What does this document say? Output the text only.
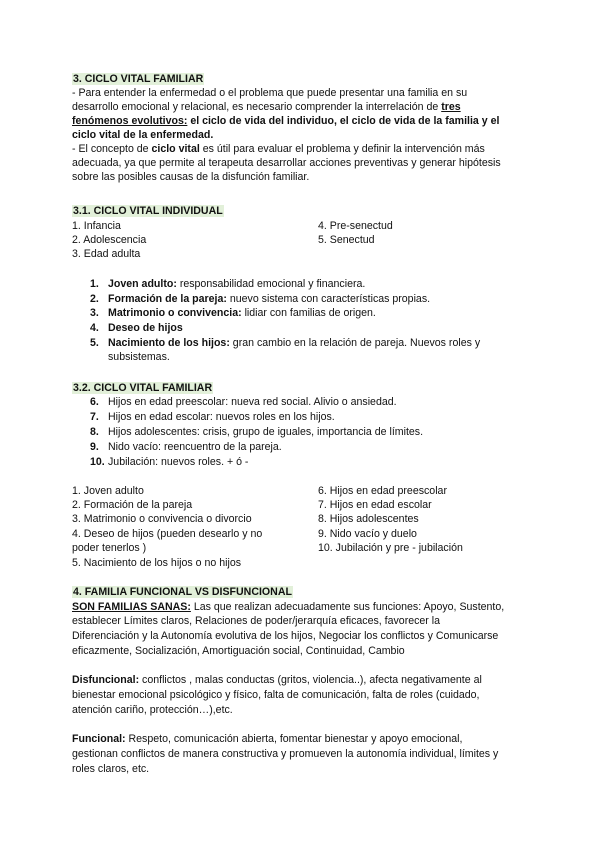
3. CICLO VITAL FAMILIAR
- Para entender la enfermedad o el problema que puede presentar una familia en su
desarrollo emocional y relacional, es necesario comprender la interrelación de tres
fenómenos evolutivos: el ciclo de vida del individuo, el ciclo de vida de la familia y el
ciclo vital de la enfermedad.
- El concepto de ciclo vital es útil para evaluar el problema y definir la intervención más
adecuada, ya que permite al terapeuta desarrollar acciones preventivas y generar hipótesis
sobre las posibles causas de la disfunción familiar.
3.1. CICLO VITAL INDIVIDUAL
1. Infancia
2. Adolescencia
3. Edad adulta
4. Pre-senectud
5. Senectud
1. Joven adulto: responsabilidad emocional y financiera.
2. Formación de la pareja: nuevo sistema con características propias.
3. Matrimonio o convivencia: lidiar con familias de origen.
4. Deseo de hijos
5. Nacimiento de los hijos: gran cambio en la relación de pareja. Nuevos roles y
subsistemas.
3.2. CICLO VITAL FAMILIAR
6. Hijos en edad preescolar: nueva red social. Alivio o ansiedad.
7. Hijos en edad escolar: nuevos roles en los hijos.
8. Hijos adolescentes: crisis, grupo de iguales, importancia de límites.
9. Nido vacío: reencuentro de la pareja.
10. Jubilación: nuevos roles. + ó -
1. Joven adulto
2. Formación de la pareja
3. Matrimonio o convivencia o divorcio
4. Deseo de hijos (pueden desearlo y no
poder tenerlos )
5. Nacimiento de los hijos o no hijos
6. Hijos en edad preescolar
7. Hijos en edad escolar
8. Hijos adolescentes
9. Nido vacío y duelo
10. Jubilación y pre - jubilación
4. FAMILIA FUNCIONAL VS DISFUNCIONAL
SON FAMILIAS SANAS: Las que realizan adecuadamente sus funciones: Apoyo, Sustento,
establecer Límites claros, Relaciones de poder/jerarquía eficaces, favorecer la
Diferenciación y la Autonomía evolutiva de los hijos, Negociar los conflictos y Comunicarse
eficazmente, Socialización, Amortiguación social, Continuidad, Cambio
Disfuncional: conflictos , malas conductas (gritos, violencia..), afecta negativamente al
bienestar emocional psicológico y físico, falta de comunicación, falta de roles (cuidado,
atención cariño, protección…),etc.
Funcional: Respeto, comunicación abierta, fomentar bienestar y apoyo emocional,
gestionan conflictos de manera constructiva y promueven la autonomía individual, límites y
roles claros, etc.
